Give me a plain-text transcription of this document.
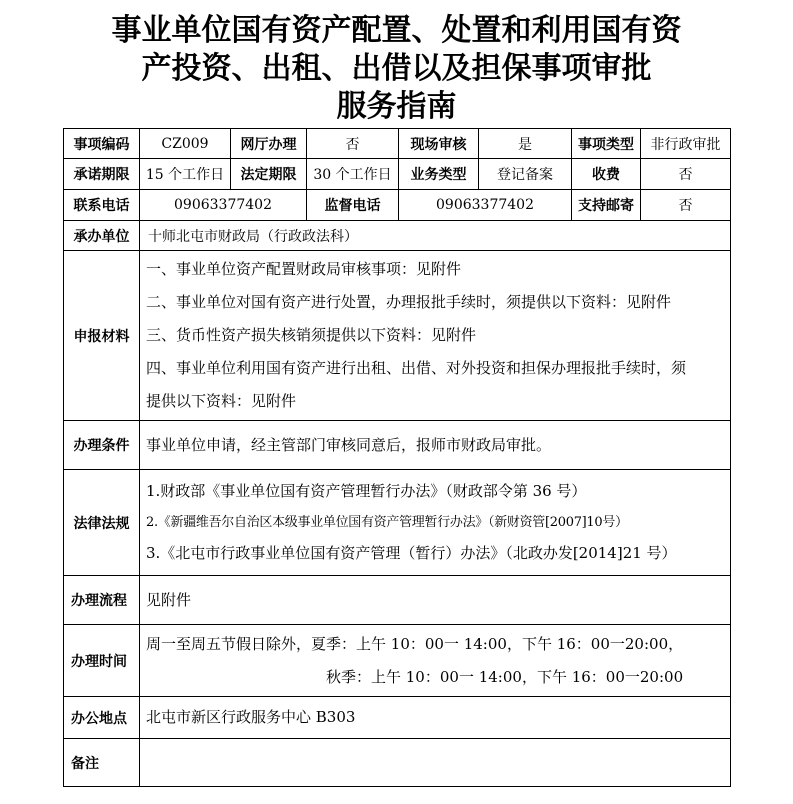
事业单位国有资产配置、处置和利用国有资
产投资、出租、出借以及担保事项审批
服务指南
事项编码	CZ009	网厅办理	否	现场审核	是	事项类型	非行政审批
承诺期限	15 个工作日	法定期限	30 个工作日	业务类型	登记备案	收费	否
联系电话	09063377402		监督电话	09063377402		支持邮寄	否
承办单位	十师北屯市财政局（行政政法科）						
申报材料	一、事业单位资产配置财政局审核事项：见附件
二、事业单位对国有资产进行处置，办理报批手续时，须提供以下资料：见附件
三、货币性资产损失核销须提供以下资料：见附件
四、事业单位利用国有资产进行出租、出借、对外投资和担保办理报批手续时，须
提供以下资料：见附件						

办理条件	事业单位申请，经主管部门审核同意后，报师市财政局审批。						

法律法规	1.财政部《事业单位国有资产管理暂行办法》（财政部令第 36 号）
2.《新疆维吾尔自治区本级事业单位国有资产管理暂行办法》（新财资管[2007]10号）
3.《北屯市行政事业单位国有资产管理（暂行）办法》（北政办发[2014]21 号）						

办理流程	见附件						

办理时间	周一至周五节假日除外，夏季：上午 10：00一 14:00，下午 16：00一20:00，
秋季：上午 10：00一 14:00，下午 16：00一20:00						

办公地点	北屯市新区行政服务中心 B303						

备注							
